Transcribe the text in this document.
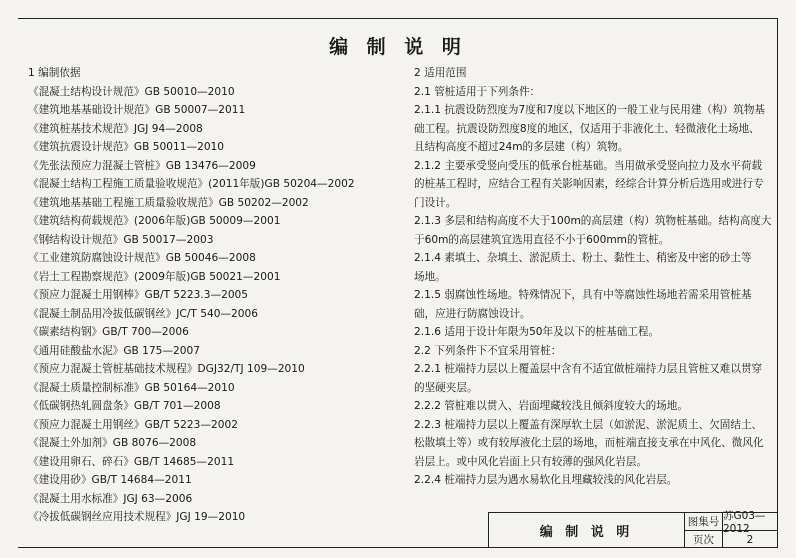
编 制 说 明
1 编制依据
《混凝土结构设计规范》GB 50010—2010
《建筑地基基础设计规范》GB 50007—2011
《建筑桩基技术规范》JGJ 94—2008
《建筑抗震设计规范》GB 50011—2010
《先张法预应力混凝土管桩》GB 13476—2009
《混凝土结构工程施工质量验收规范》(2011年版)GB 50204—2002
《建筑地基基础工程施工质量验收规范》GB 50202—2002
《建筑结构荷载规范》(2006年版)GB 50009—2001
《钢结构设计规范》GB 50017—2003
《工业建筑防腐蚀设计规范》GB 50046—2008
《岩土工程勘察规范》(2009年版)GB 50021—2001
《预应力混凝土用钢棒》GB/T 5223.3—2005
《混凝土制品用冷拔低碳钢丝》JC/T 540—2006
《碳素结构钢》GB/T 700—2006
《通用硅酸盐水泥》GB 175—2007
《预应力混凝土管桩基础技术规程》DGJ32/TJ 109—2010
《混凝土质量控制标准》GB 50164—2010
《低碳钢热轧圆盘条》GB/T 701—2008
《预应力混凝土用钢丝》GB/T 5223—2002
《混凝土外加剂》GB 8076—2008
《建设用卵石、碎石》GB/T 14685—2011
《建设用砂》GB/T 14684—2011
《混凝土用水标准》JGJ 63—2006
《冷拔低碳钢丝应用技术规程》JGJ 19—2010
2 适用范围
2.1 管桩适用于下列条件：
2.1.1 抗震设防烈度为7度和7度以下地区的一般工业与民用建（构）筑物基
础工程。抗震设防烈度8度的地区，仅适用于非液化土、轻微液化土场地、
且结构高度不超过24m的多层建（构）筑物。
2.1.2 主要承受竖向受压的低承台桩基础。当用做承受竖向拉力及水平荷载
的桩基工程时，应结合工程有关影响因素，经综合计算分析后选用或进行专
门设计。
2.1.3 多层和结构高度不大于100m的高层建（构）筑物桩基础。结构高度大
于60m的高层建筑宜选用直径不小于600mm的管桩。
2.1.4 素填土、杂填土、淤泥质土、粉土、黏性土、稍密及中密的砂土等
场地。
2.1.5 弱腐蚀性场地。特殊情况下，具有中等腐蚀性场地若需采用管桩基
础，应进行防腐蚀设计。
2.1.6 适用于设计年限为50年及以下的桩基础工程。
2.2 下列条件下不宜采用管桩：
2.2.1 桩端持力层以上覆盖层中含有不适宜做桩端持力层且管桩又难以贯穿
的坚硬夹层。
2.2.2 管桩难以贯入、岩面埋藏较浅且倾斜度较大的场地。
2.2.3 桩端持力层以上覆盖有深厚软土层（如淤泥、淤泥质土、欠固结土、
松散填土等）或有较厚液化土层的场地，而桩端直接支承在中风化、微风化
岩层上。或中风化岩面上只有较薄的强风化岩层。
2.2.4 桩端持力层为遇水易软化且埋藏较浅的风化岩层。
编 制 说 明
图集号 苏G03—2012
页次	2
